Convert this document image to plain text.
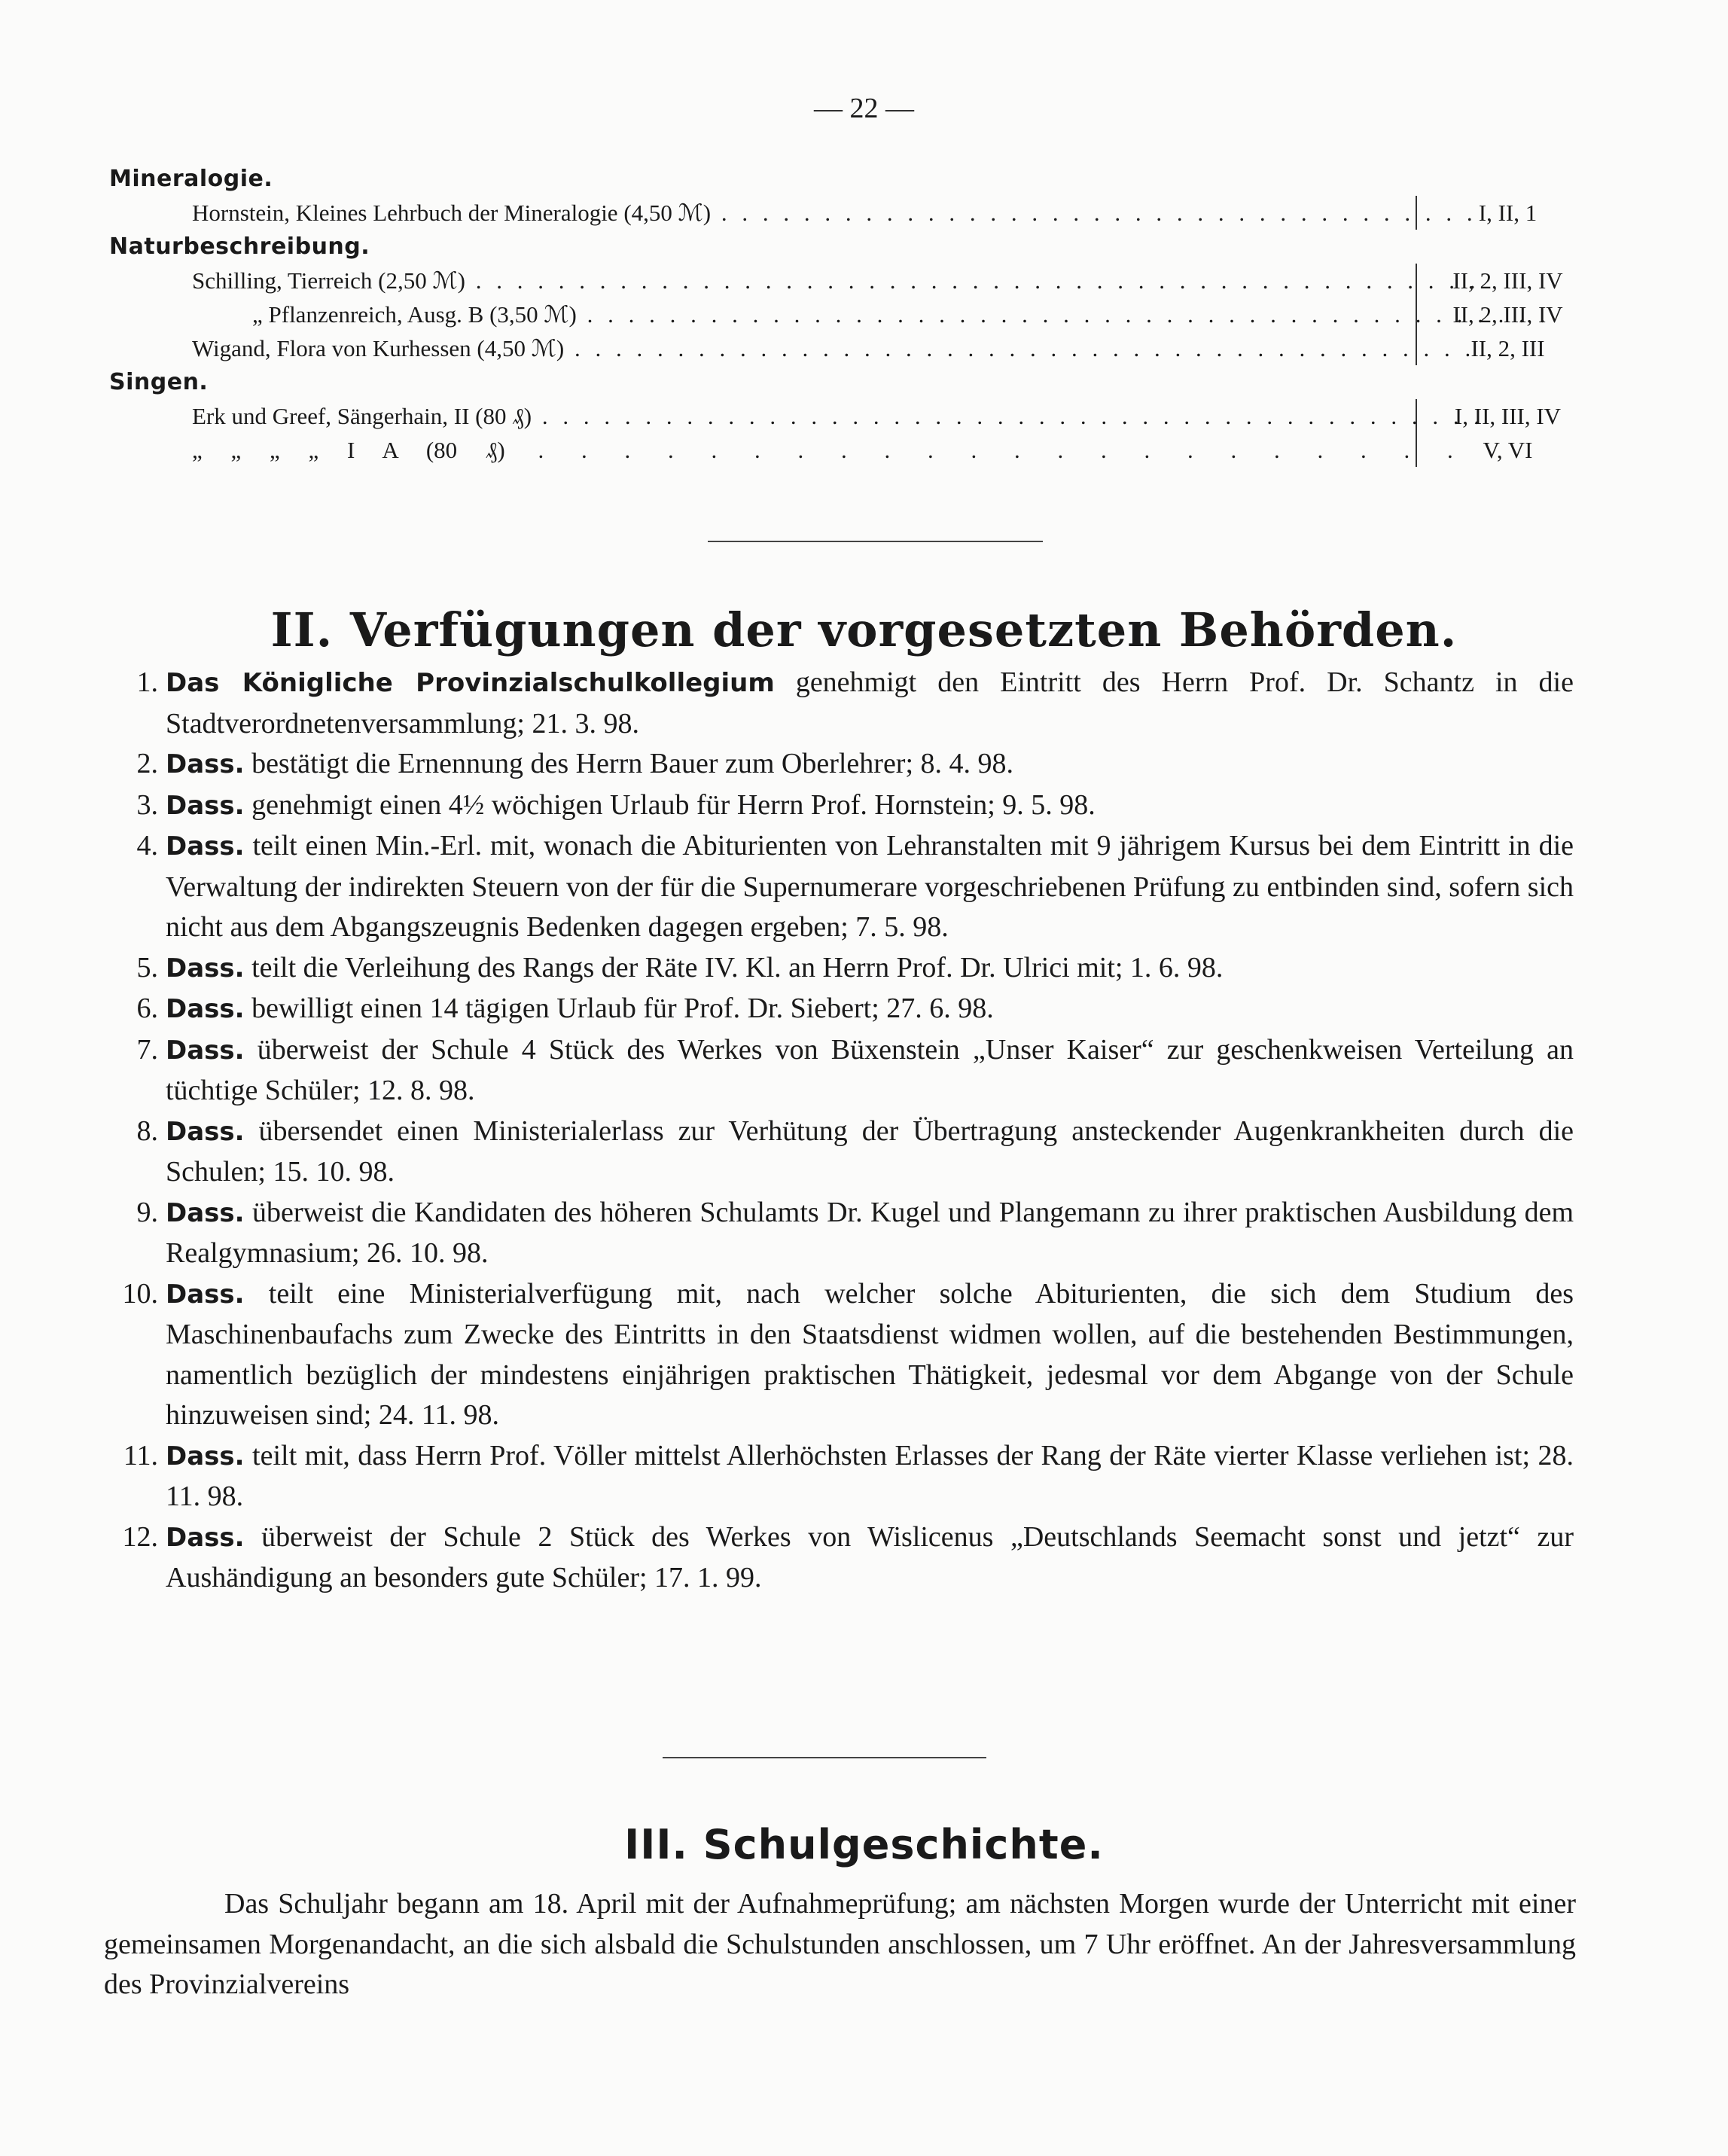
— 22 —
Mineralogie.
Hornstein, Kleines Lehrbuch der Mineralogie (4,50 ℳ) . . .	I, II, 1
Naturbeschreibung.
Schilling, Tierreich (2,50 ℳ) . . .	II, 2, III, IV
„ Pflanzenreich, Ausg. B (3,50 ℳ) . . .	II, 2, III, IV
Wigand, Flora von Kurhessen (4,50 ℳ) . . .	II, 2, III
Singen.
Erk und Greef, Sängerhain, II (80 ₰) . . .	I, II, III, IV
„ „ „ „ I A (80 ₰) . . .	V, VI
II. Verfügungen der vorgesetzten Behörden.
1. Das Königliche Provinzialschulkollegium genehmigt den Eintritt des Herrn Prof. Dr. Schantz in die Stadtverordnetenversammlung; 21. 3. 98.
2. Dass. bestätigt die Ernennung des Herrn Bauer zum Oberlehrer; 8. 4. 98.
3. Dass. genehmigt einen 4½ wöchigen Urlaub für Herrn Prof. Hornstein; 9. 5. 98.
4. Dass. teilt einen Min.-Erl. mit, wonach die Abiturienten von Lehranstalten mit 9 jährigem Kursus bei dem Eintritt in die Verwaltung der indirekten Steuern von der für die Supernumerare vorgeschriebenen Prüfung zu entbinden sind, sofern sich nicht aus dem Abgangszeugnis Bedenken dagegen ergeben; 7. 5. 98.
5. Dass. teilt die Verleihung des Rangs der Räte IV. Kl. an Herrn Prof. Dr. Ulrici mit; 1. 6. 98.
6. Dass. bewilligt einen 14 tägigen Urlaub für Prof. Dr. Siebert; 27. 6. 98.
7. Dass. überweist der Schule 4 Stück des Werkes von Büxenstein „Unser Kaiser“ zur geschenkweisen Verteilung an tüchtige Schüler; 12. 8. 98.
8. Dass. übersendet einen Ministerialerlass zur Verhütung der Übertragung ansteckender Augenkrankheiten durch die Schulen; 15. 10. 98.
9. Dass. überweist die Kandidaten des höheren Schulamts Dr. Kugel und Plangemann zu ihrer praktischen Ausbildung dem Realgymnasium; 26. 10. 98.
10. Dass. teilt eine Ministerialverfügung mit, nach welcher solche Abiturienten, die sich dem Studium des Maschinenbaufachs zum Zwecke des Eintritts in den Staatsdienst widmen wollen, auf die bestehenden Bestimmungen, namentlich bezüglich der mindestens einjährigen praktischen Thätigkeit, jedesmal vor dem Abgange von der Schule hinzuweisen sind; 24. 11. 98.
11. Dass. teilt mit, dass Herrn Prof. Völler mittelst Allerhöchsten Erlasses der Rang der Räte vierter Klasse verliehen ist; 28. 11. 98.
12. Dass. überweist der Schule 2 Stück des Werkes von Wislicenus „Deutschlands Seemacht sonst und jetzt“ zur Aushändigung an besonders gute Schüler; 17. 1. 99.
III. Schulgeschichte.
Das Schuljahr begann am 18. April mit der Aufnahmeprüfung; am nächsten Morgen wurde der Unterricht mit einer gemeinsamen Morgenandacht, an die sich alsbald die Schulstunden anschlossen, um 7 Uhr eröffnet. An der Jahresversammlung des Provinzialvereins
